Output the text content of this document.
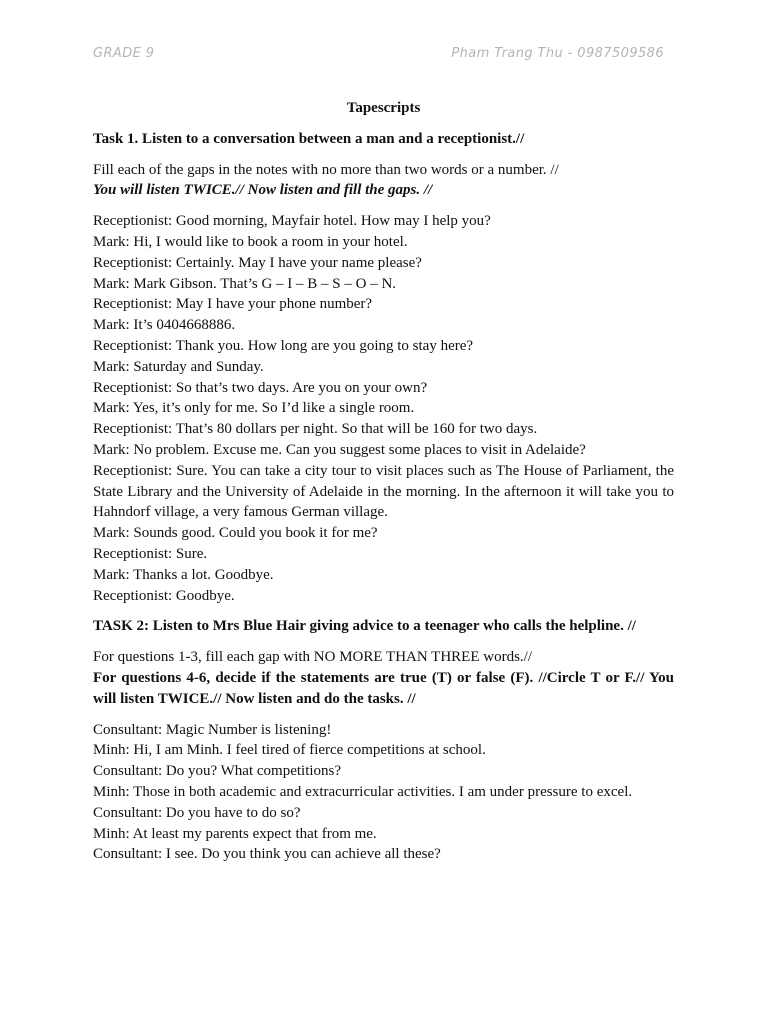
GRADE 9	Pham Trang Thu - 0987509586

Tapescripts

Task 1. Listen to a conversation between a man and a receptionist.//

Fill each of the gaps in the notes with no more than two words or a number. //

You will listen TWICE.// Now listen and fill the gaps. //

Receptionist: Good morning, Mayfair hotel. How may I help you?

Mark: Hi, I would like to book a room in your hotel.

Receptionist: Certainly. May I have your name please?

Mark: Mark Gibson. That’s G – I – B – S – O – N.

Receptionist: May I have your phone number?

Mark: It’s 0404668886.

Receptionist: Thank you. How long are you going to stay here?

Mark: Saturday and Sunday.

Receptionist: So that’s two days. Are you on your own?

Mark: Yes, it’s only for me. So I’d like a single room.

Receptionist: That’s 80 dollars per night. So that will be 160 for two days.

Mark: No problem. Excuse me. Can you suggest some places to visit in Adelaide?

Receptionist: Sure. You can take a city tour to visit places such as The House of Parliament, the State Library and the University of Adelaide in the morning. In the afternoon it will take you to Hahndorf village, a very famous German village.

Mark: Sounds good. Could you book it for me?

Receptionist: Sure.

Mark: Thanks a lot. Goodbye.

Receptionist: Goodbye.

TASK 2: Listen to Mrs Blue Hair giving advice to a teenager who calls the helpline. //

For questions 1-3, fill each gap with NO MORE THAN THREE words.//

For questions 4-6, decide if the statements are true (T) or false (F). //Circle T or F.// You will listen TWICE.// Now listen and do the tasks. //

Consultant: Magic Number is listening!

Minh: Hi, I am Minh. I feel tired of fierce competitions at school.

Consultant: Do you? What competitions?

Minh: Those in both academic and extracurricular activities. I am under pressure to excel.

Consultant: Do you have to do so?

Minh: At least my parents expect that from me.

Consultant: I see. Do you think you can achieve all these?
